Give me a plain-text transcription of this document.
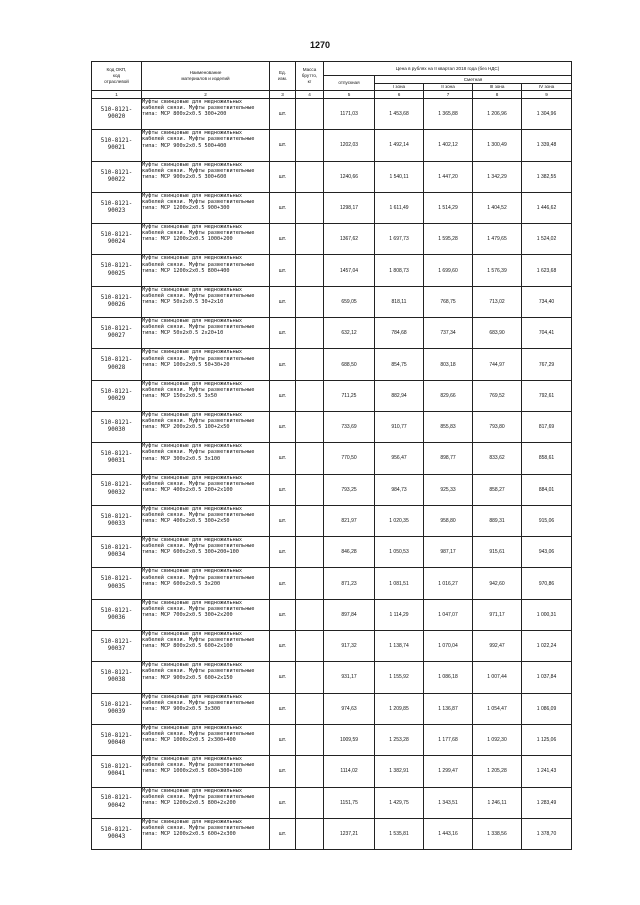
1270
Код ОКП,
код
отраслевой	Наименование
материалов и изделий	Ед.
изм.	Масса
брутто,
кг	Цена в рублях на II квартал 2018 года (без НДС)				
				отпускная	Сметная			
					I зона	II зона	III зона	IV зона
1	2	3	4	5	6	7	8	9
510-8121-
90020	Муфты свинцовые для медножильных
кабелей связи. Муфты разветвительные
типа: МСР 800х2х0.5 300+200	шт.		1171,03	1 453,68	1 365,88	1 206,96	1 304,96
510-8121-
90021	Муфты свинцовые для медножильных
кабелей связи. Муфты разветвительные
типа: МСР 900х2х0.5 500+400	шт.		1202,03	1 492,14	1 402,12	1 300,49	1 339,48
510-8121-
90022	Муфты свинцовые для медножильных
кабелей связи. Муфты разветвительные
типа: МСР 900х2х0.5 300+600	шт.		1240,66	1 540,11	1 447,20	1 342,29	1 382,55
510-8121-
90023	Муфты свинцовые для медножильных
кабелей связи. Муфты разветвительные
типа: МСР 1200х2х0.5 900+300	шт.		1298,17	1 611,49	1 514,29	1 404,52	1 446,62
510-8121-
90024	Муфты свинцовые для медножильных
кабелей связи. Муфты разветвительные
типа: МСР 1200х2х0.5 1000+200	шт.		1367,62	1 697,73	1 595,28	1 479,65	1 524,02
510-8121-
90025	Муфты свинцовые для медножильных
кабелей связи. Муфты разветвительные
типа: МСР 1200х2х0.5 800+400	шт.		1457,04	1 808,73	1 699,60	1 576,39	1 623,68
510-8121-
90026	Муфты свинцовые для медножильных
кабелей связи. Муфты разветвительные
типа: МСР 50х2х0.5 30+2х10	шт.		659,05	818,11	768,75	713,02	734,40
510-8121-
90027	Муфты свинцовые для медножильных
кабелей связи. Муфты разветвительные
типа: МСР 50х2х0.5 2х20+10	шт.		632,12	784,68	737,34	683,90	704,41
510-8121-
90028	Муфты свинцовые для медножильных
кабелей связи. Муфты разветвительные
типа: МСР 100х2х0.5 50+30+20	шт.		688,50	854,75	803,18	744,97	767,29
510-8121-
90029	Муфты свинцовые для медножильных
кабелей связи. Муфты разветвительные
типа: МСР 150х2х0.5 3х50	шт.		711,25	882,94	829,66	769,52	792,61
510-8121-
90030	Муфты свинцовые для медножильных
кабелей связи. Муфты разветвительные
типа: МСР 200х2х0.5 100+2х50	шт.		733,69	910,77	855,83	793,80	817,69
510-8121-
90031	Муфты свинцовые для медножильных
кабелей связи. Муфты разветвительные
типа: МСР 300х2х0.5 3х100	шт.		770,50	956,47	898,77	833,62	858,61
510-8121-
90032	Муфты свинцовые для медножильных
кабелей связи. Муфты разветвительные
типа: МСР 400х2х0.5 200+2х100	шт.		793,25	984,73	925,33	858,27	884,01
510-8121-
90033	Муфты свинцовые для медножильных
кабелей связи. Муфты разветвительные
типа: МСР 400х2х0.5 300+2х50	шт.		821,97	1 020,35	958,80	889,31	915,06
510-8121-
90034	Муфты свинцовые для медножильных
кабелей связи. Муфты разветвительные
типа: МСР 600х2х0.5 300+200+100	шт.		846,28	1 050,53	987,17	915,61	943,06
510-8121-
90035	Муфты свинцовые для медножильных
кабелей связи. Муфты разветвительные
типа: МСР 600х2х0.5 3х200	шт.		871,23	1 081,51	1 016,27	942,60	970,86
510-8121-
90036	Муфты свинцовые для медножильных
кабелей связи. Муфты разветвительные
типа: МСР 700х2х0.5 300+2х200	шт.		897,84	1 114,29	1 047,07	971,17	1 000,31
510-8121-
90037	Муфты свинцовые для медножильных
кабелей связи. Муфты разветвительные
типа: МСР 800х2х0.5 600+2х100	шт.		917,32	1 138,74	1 070,04	992,47	1 022,24
510-8121-
90038	Муфты свинцовые для медножильных
кабелей связи. Муфты разветвительные
типа: МСР 900х2х0.5 600+2х150	шт.		931,17	1 155,92	1 086,18	1 007,44	1 037,84
510-8121-
90039	Муфты свинцовые для медножильных
кабелей связи. Муфты разветвительные
типа: МСР 900х2х0.5 3х300	шт.		974,63	1 209,85	1 136,87	1 054,47	1 086,09
510-8121-
90040	Муфты свинцовые для медножильных
кабелей связи. Муфты разветвительные
типа: МСР 1000х2х0.5 2х300+400	шт.		1009,59	1 253,28	1 177,68	1 092,30	1 125,06
510-8121-
90041	Муфты свинцовые для медножильных
кабелей связи. Муфты разветвительные
типа: МСР 1000х2х0.5 600+300+100	шт.		1114,02	1 382,91	1 299,47	1 205,28	1 241,43
510-8121-
90042	Муфты свинцовые для медножильных
кабелей связи. Муфты разветвительные
типа: МСР 1200х2х0.5 800+2х200	шт.		1151,75	1 429,75	1 343,51	1 246,11	1 283,49
510-8121-
90043	Муфты свинцовые для медножильных
кабелей связи. Муфты разветвительные
типа: МСР 1200х2х0.5 600+2х300	шт.		1237,21	1 535,81	1 443,16	1 338,56	1 378,70
